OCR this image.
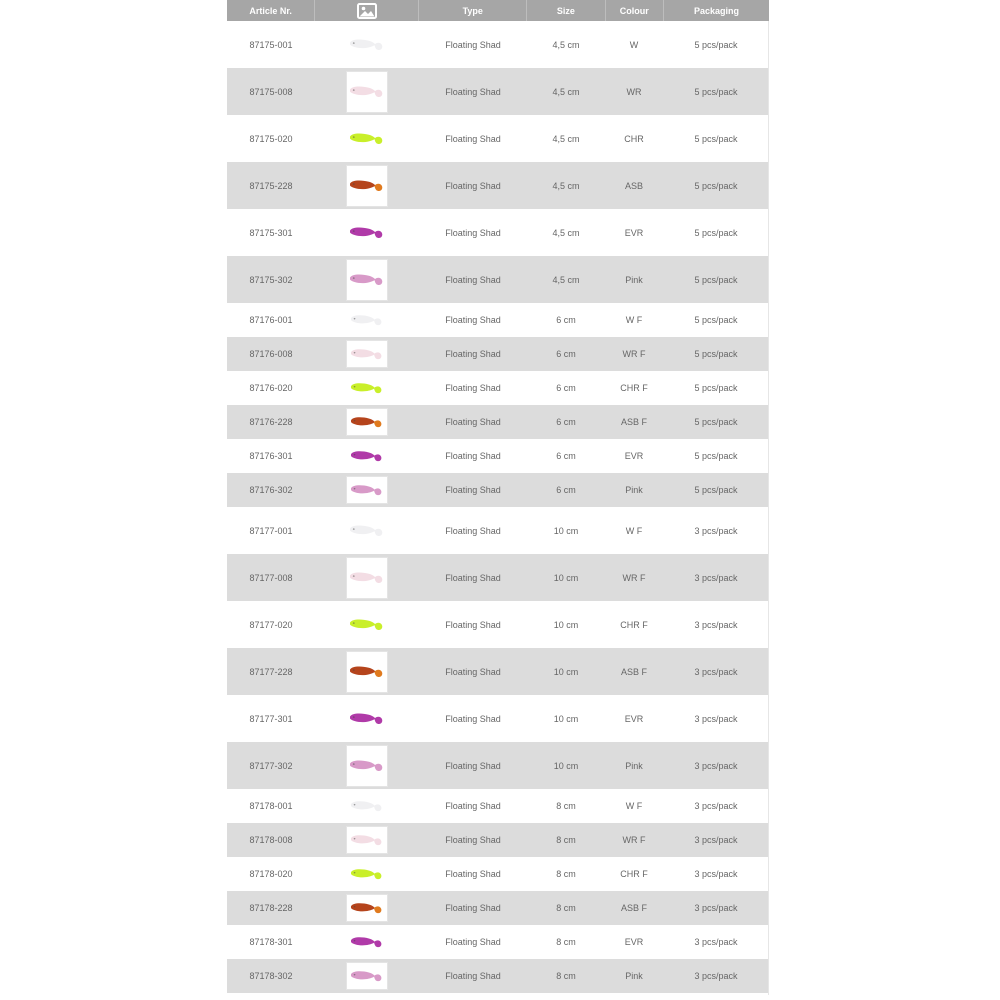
Article Nr.	Type	Size	Colour	Packaging
87175-001	Floating Shad	4,5 cm	W	5 pcs/pack
87175-008	Floating Shad	4,5 cm	WR	5 pcs/pack
87175-020	Floating Shad	4,5 cm	CHR	5 pcs/pack
87175-228	Floating Shad	4,5 cm	ASB	5 pcs/pack
87175-301	Floating Shad	4,5 cm	EVR	5 pcs/pack
87175-302	Floating Shad	4,5 cm	Pink	5 pcs/pack
87176-001	Floating Shad	6 cm	W F	5 pcs/pack
87176-008	Floating Shad	6 cm	WR F	5 pcs/pack
87176-020	Floating Shad	6 cm	CHR F	5 pcs/pack
87176-228	Floating Shad	6 cm	ASB F	5 pcs/pack
87176-301	Floating Shad	6 cm	EVR	5 pcs/pack
87176-302	Floating Shad	6 cm	Pink	5 pcs/pack
87177-001	Floating Shad	10 cm	W F	3 pcs/pack
87177-008	Floating Shad	10 cm	WR F	3 pcs/pack
87177-020	Floating Shad	10 cm	CHR F	3 pcs/pack
87177-228	Floating Shad	10 cm	ASB F	3 pcs/pack
87177-301	Floating Shad	10 cm	EVR	3 pcs/pack
87177-302	Floating Shad	10 cm	Pink	3 pcs/pack
87178-001	Floating Shad	8 cm	W F	3 pcs/pack
87178-008	Floating Shad	8 cm	WR F	3 pcs/pack
87178-020	Floating Shad	8 cm	CHR F	3 pcs/pack
87178-228	Floating Shad	8 cm	ASB F	3 pcs/pack
87178-301	Floating Shad	8 cm	EVR	3 pcs/pack
87178-302	Floating Shad	8 cm	Pink	3 pcs/pack
